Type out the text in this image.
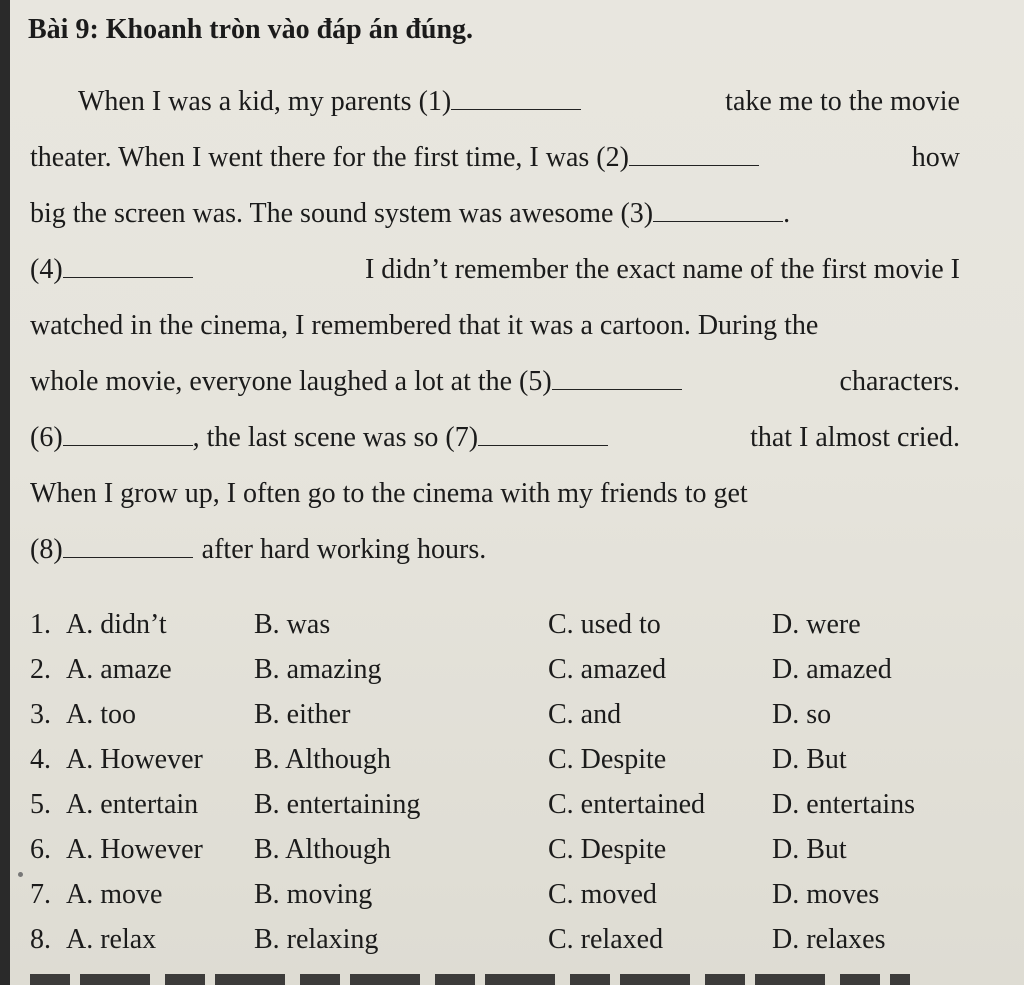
Bài 9: Khoanh tròn vào đáp án đúng.
When I was a kid, my parents (1)	take me to the movie
theater. When I went there for the first time, I was (2)	how
big the screen was. The sound system was awesome (3)	.
(4)	I didn’t remember the exact name of the first movie I
watched in the cinema, I remembered that it was a cartoon. During the
whole movie, everyone laughed a lot at the (5)	characters.
(6)	, the last scene was so (7)	that I almost cried.
When I grow up, I often go to the cinema with my friends to get
(8)	after hard working hours.
1. A. didn’t	B. was	C. used to	D. were
2. A. amaze	B. amazing	C. amazed	D. amazed
3. A. too	B. either	C. and	D. so
4. A. However B. Although	C. Despite	D. But
5. A. entertain B. entertaining	C. entertained D. entertains
6. A. However B. Although	C. Despite	D. But
7. A. move	B. moving	C. moved	D. moves
8. A. relax	B. relaxing	C. relaxed	D. relaxes
